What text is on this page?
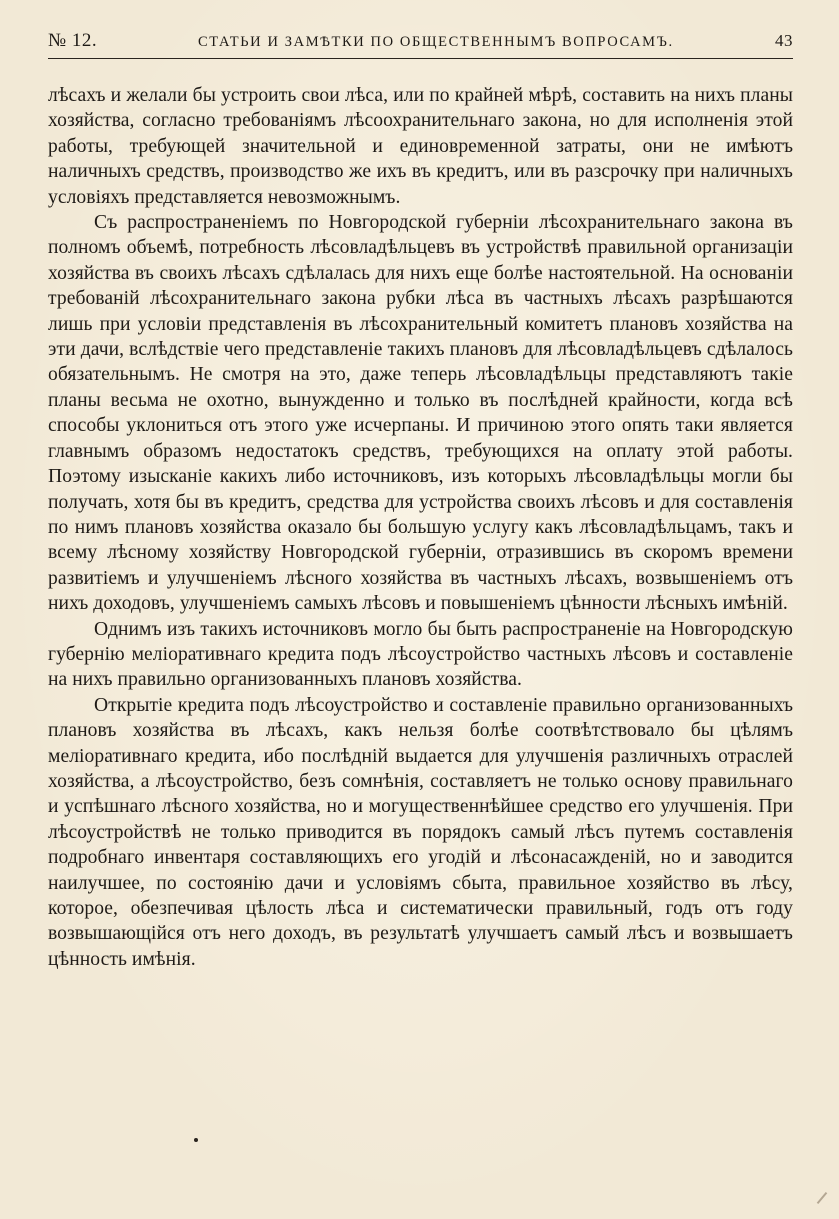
№ 12.	СТАТЬИ И ЗАМѢТКИ ПО ОБЩЕСТВЕННЫМЪ ВОПРОСАМЪ.	43

лѣсахъ и желали бы устроить свои лѣса, или по крайней мѣрѣ, составить на нихъ планы хозяйства, согласно требованіямъ лѣсоохранительнаго закона, но для исполненія этой работы, требующей значительной и единовременной затраты, они не имѣютъ наличныхъ средствъ, производство же ихъ въ кредитъ, или въ разсрочку при наличныхъ условіяхъ представляется невозможнымъ.

Съ распространеніемъ по Новгородской губерніи лѣсохранительнаго закона въ полномъ объемѣ, потребность лѣсовладѣльцевъ въ устройствѣ правильной организаціи хозяйства въ своихъ лѣсахъ сдѣлалась для нихъ еще болѣе настоятельной. На основаніи требованій лѣсохранительнаго закона рубки лѣса въ частныхъ лѣсахъ разрѣшаются лишь при условіи представленія въ лѣсохранительный комитетъ плановъ хозяйства на эти дачи, вслѣдствіе чего представленіе такихъ плановъ для лѣсовладѣльцевъ сдѣлалось обязательнымъ. Не смотря на это, даже теперь лѣсовладѣльцы представляютъ такіе планы весьма не охотно, вынужденно и только въ послѣдней крайности, когда всѣ способы уклониться отъ этого уже исчерпаны. И причиною этого опять таки является главнымъ образомъ недостатокъ средствъ, требующихся на оплату этой работы. Поэтому изысканіе какихъ либо источниковъ, изъ которыхъ лѣсовладѣльцы могли бы получать, хотя бы въ кредитъ, средства для устройства своихъ лѣсовъ и для составленія по нимъ плановъ хозяйства оказало бы большую услугу какъ лѣсовладѣльцамъ, такъ и всему лѣсному хозяйству Новгородской губерніи, отразившись въ скоромъ времени развитіемъ и улучшеніемъ лѣсного хозяйства въ частныхъ лѣсахъ, возвышеніемъ отъ нихъ доходовъ, улучшеніемъ самыхъ лѣсовъ и повышеніемъ цѣнности лѣсныхъ имѣній.

Однимъ изъ такихъ источниковъ могло бы быть распространеніе на Новгородскую губернію меліоративнаго кредита подъ лѣсоустройство частныхъ лѣсовъ и составленіе на нихъ правильно организованныхъ плановъ хозяйства.

Открытіе кредита подъ лѣсоустройство и составленіе правильно организованныхъ плановъ хозяйства въ лѣсахъ, какъ нельзя болѣе соотвѣтствовало бы цѣлямъ меліоративнаго кредита, ибо послѣдній выдается для улучшенія различныхъ отраслей хозяйства, а лѣсоустройство, безъ сомнѣнія, составляетъ не только основу правильнаго и успѣшнаго лѣсного хозяйства, но и могущественнѣйшее средство его улучшенія. При лѣсоустройствѣ не только приводится въ порядокъ самый лѣсъ путемъ составленія подробнаго инвентаря составляющихъ его угодій и лѣсонасажденій, но и заводится наилучшее, по состоянію дачи и условіямъ сбыта, правильное хозяйство въ лѣсу, которое, обезпечивая цѣлость лѣса и систематически правильный, годъ отъ году возвышающійся отъ него доходъ, въ результатѣ улучшаетъ самый лѣсъ и возвышаетъ цѣнность имѣнія.
